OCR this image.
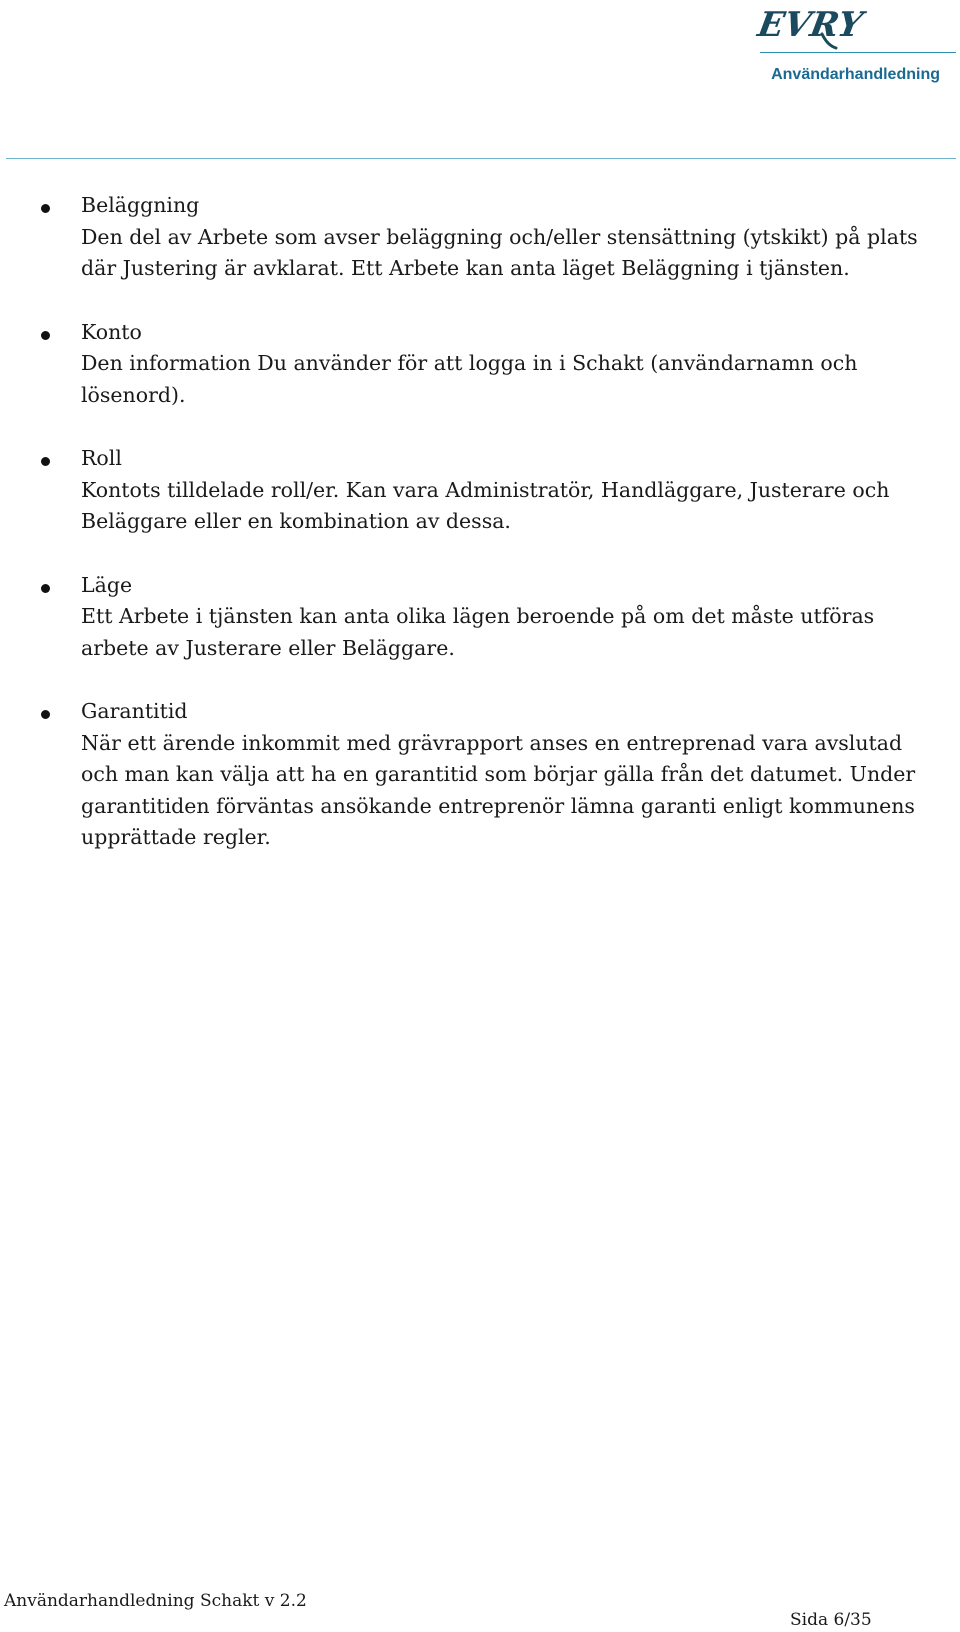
EVRY
Användarhandledning
Beläggning
Den del av Arbete som avser beläggning och/eller stensättning (ytskikt) på plats där Justering är avklarat. Ett Arbete kan anta läget Beläggning i tjänsten.
Konto
Den information Du använder för att logga in i Schakt (användarnamn och lösenord).
Roll
Kontots tilldelade roll/er. Kan vara Administratör, Handläggare, Justerare och Beläggare eller en kombination av dessa.
Läge
Ett Arbete i tjänsten kan anta olika lägen beroende på om det måste utföras arbete av Justerare eller Beläggare.
Garantitid
När ett ärende inkommit med grävrapport anses en entreprenad vara avslutad och man kan välja att ha en garantitid som börjar gälla från det datumet. Under garantitiden förväntas ansökande entreprenör lämna garanti enligt kommunens upprättade regler.
Användarhandledning Schakt v 2.2
Sida 6/35
